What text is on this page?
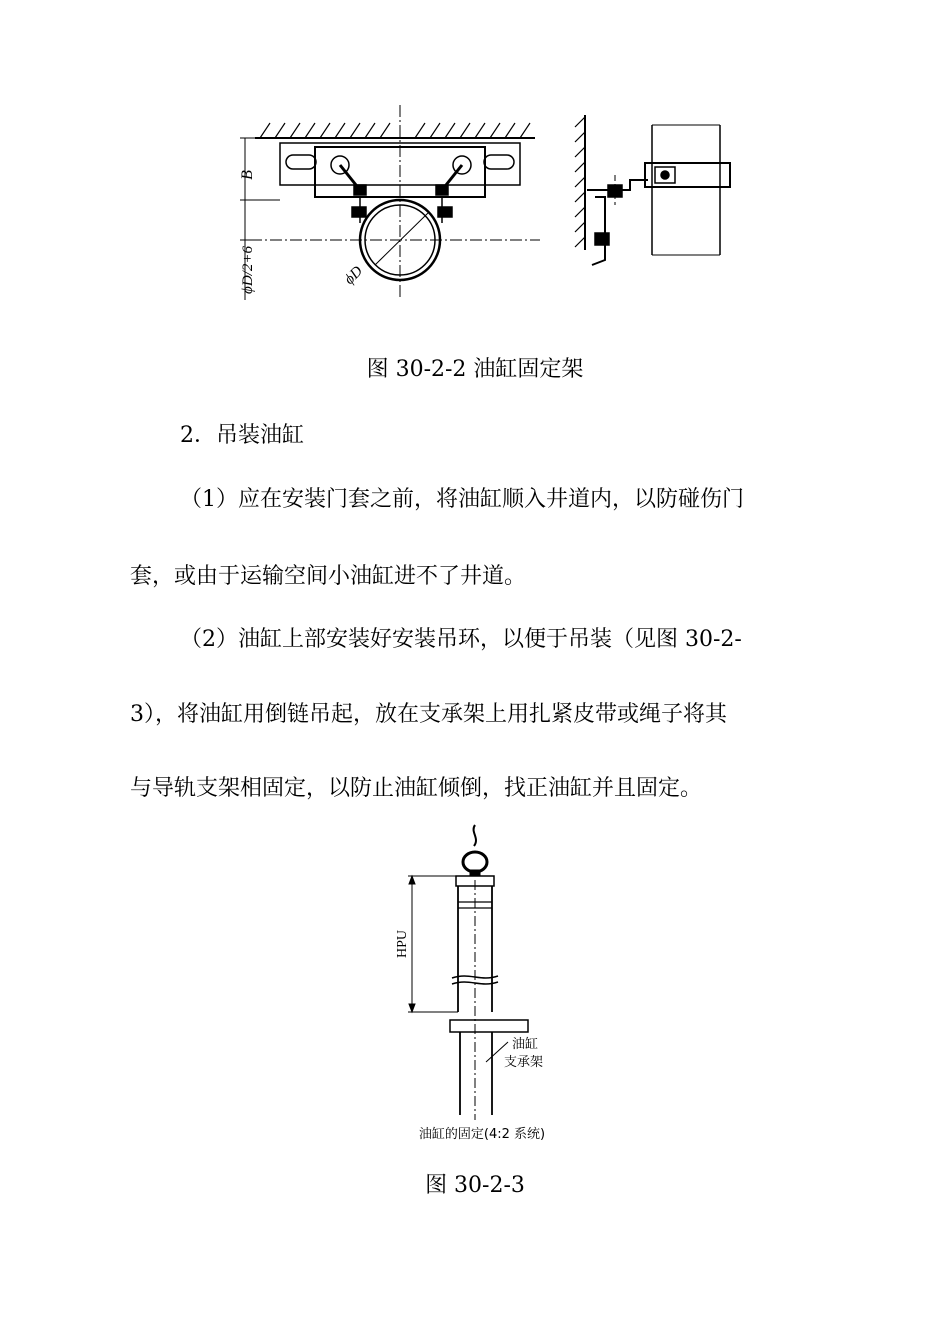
B
ϕD/2+6	ϕD
图 30-2-2 油缸固定架
2．吊装油缸
（1）应在安装门套之前，将油缸顺入井道内，以防碰伤门
套，或由于运输空间小油缸进不了井道。
（2）油缸上部安装好安装吊环，以便于吊装（见图 30-2-
3），将油缸用倒链吊起，放在支承架上用扎紧皮带或绳子将其
与导轨支架相固定，以防止油缸倾倒，找正油缸并且固定。
HPU
油缸
支承架
油缸的固定(4:2 系统)
图 30-2-3
